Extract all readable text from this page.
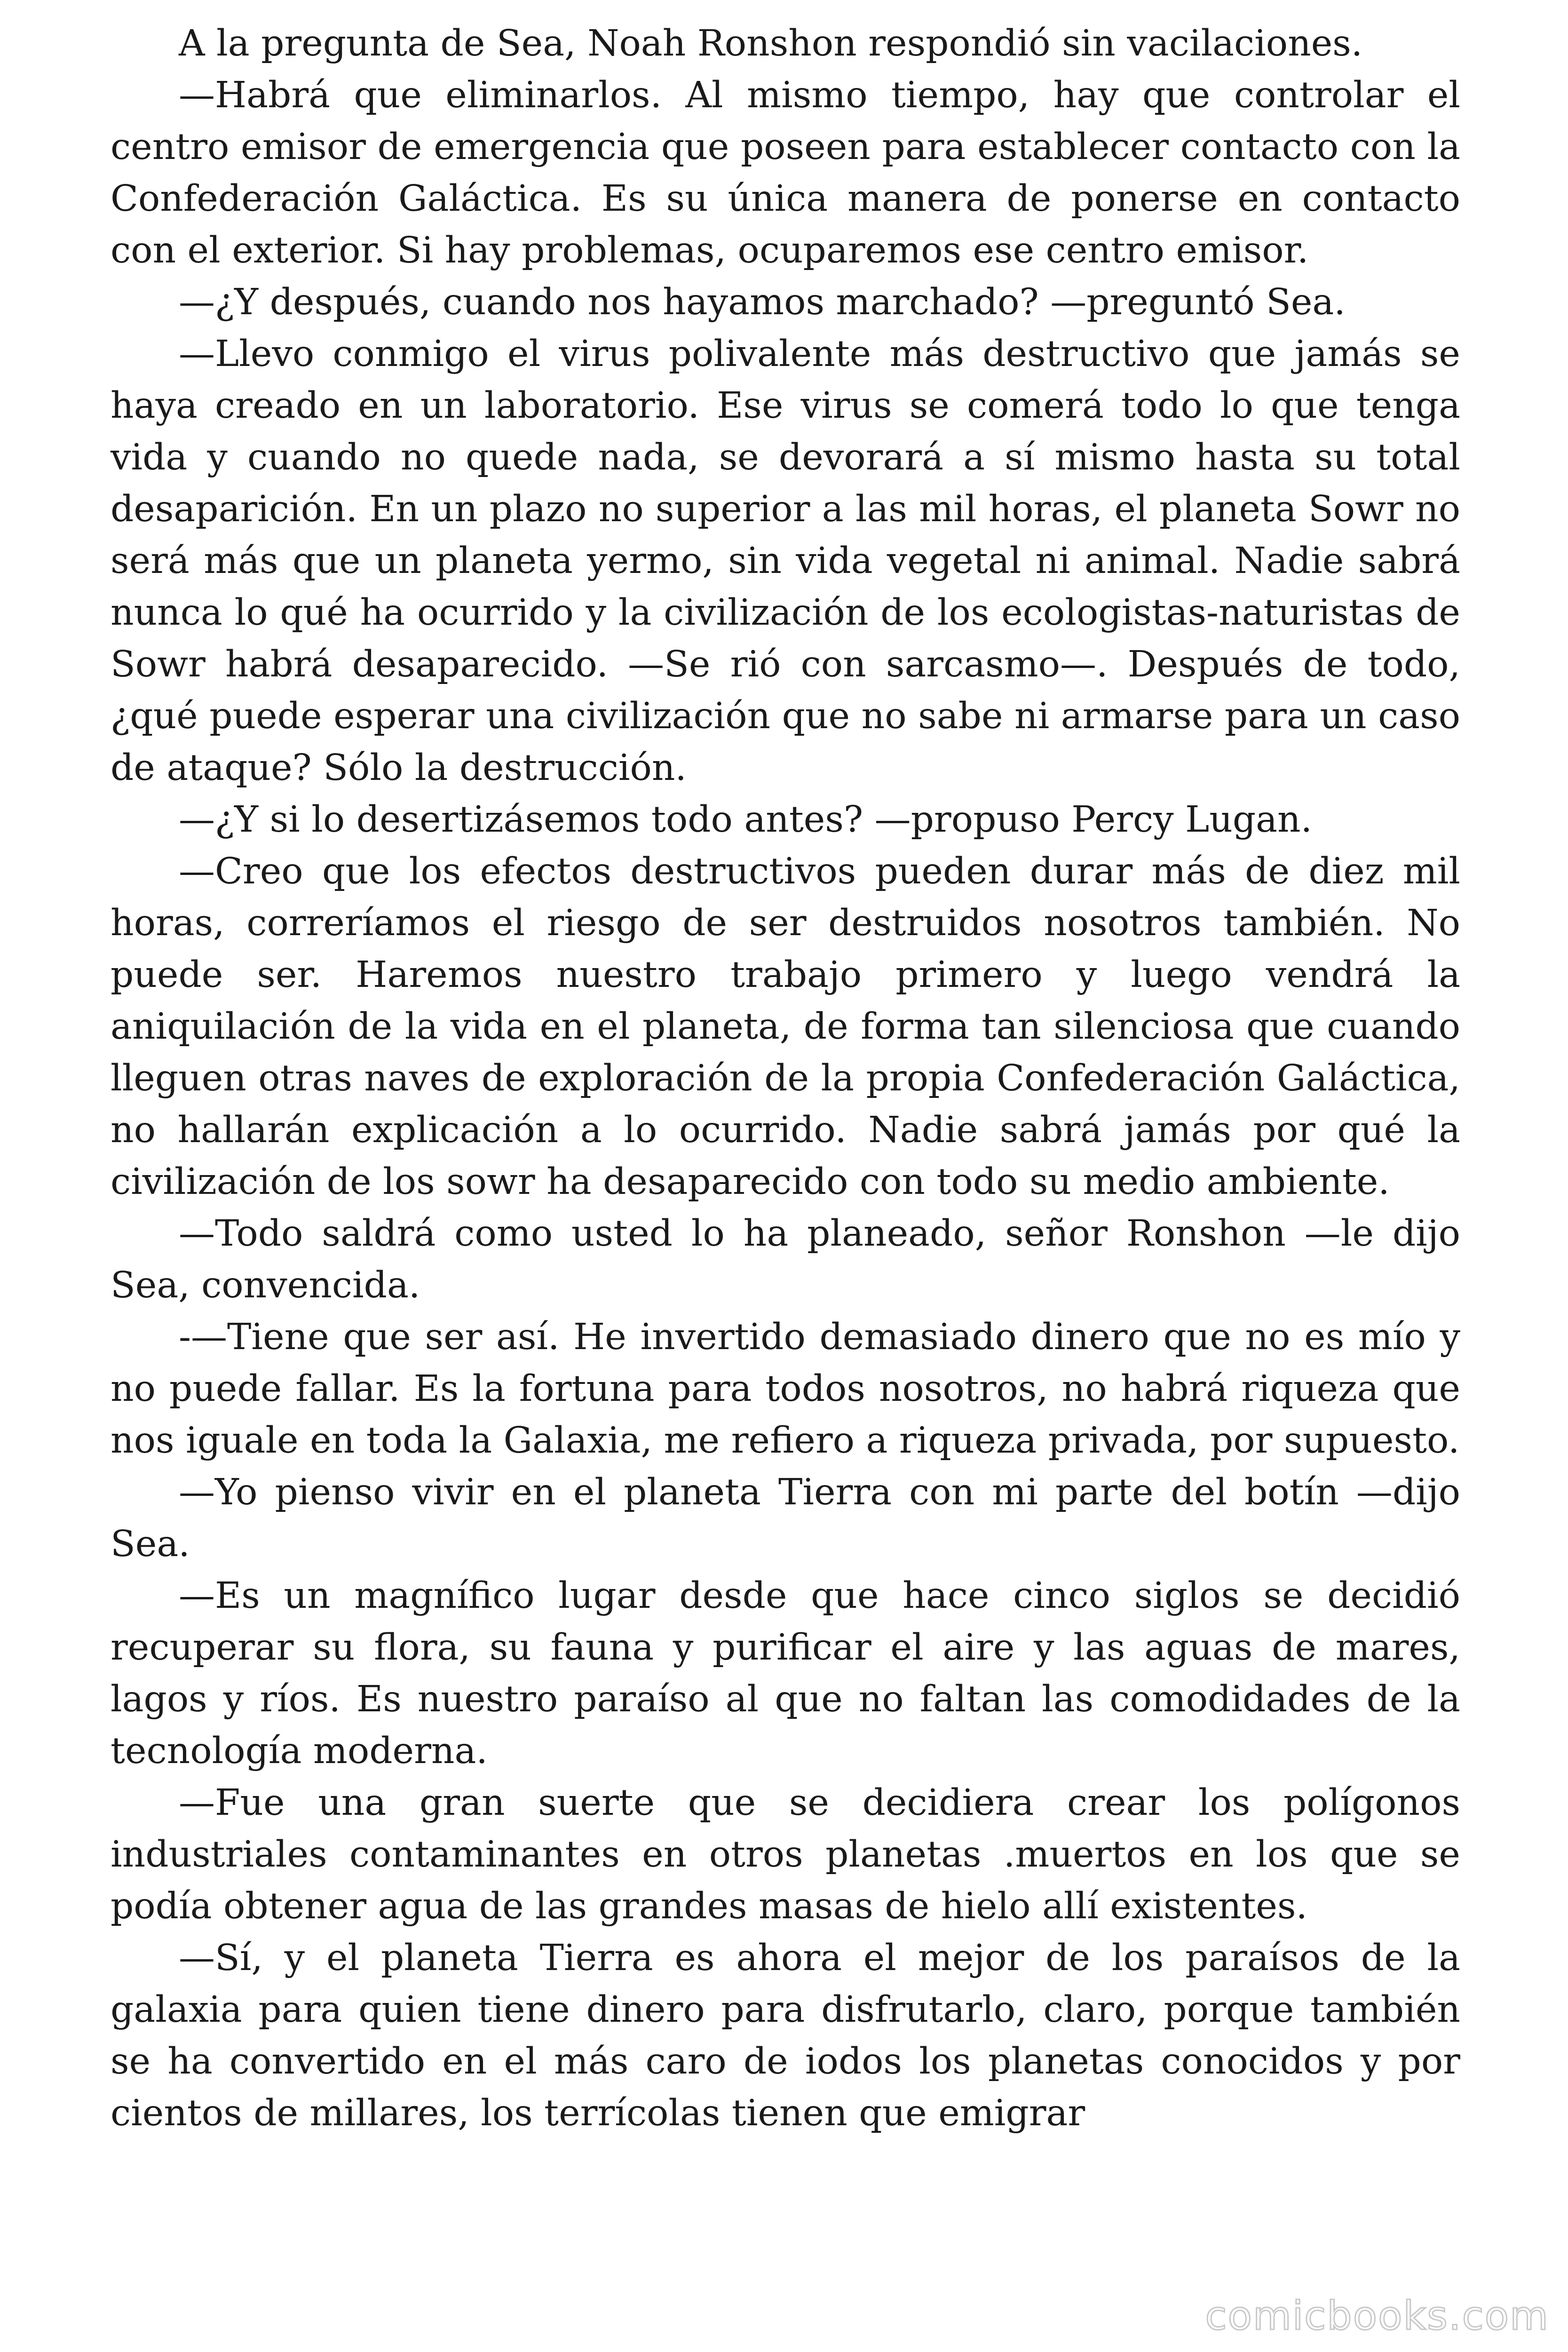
A la pregunta de Sea, Noah Ronshon respondió sin vacilaciones.

—Habrá que eliminarlos. Al mismo tiempo, hay que controlar el centro emisor de emergencia que poseen para establecer contacto con la Confederación Galáctica. Es su única manera de ponerse en contacto con el exterior. Si hay problemas, ocuparemos ese centro emisor.

—¿Y después, cuando nos hayamos marchado? —preguntó Sea.

—Llevo conmigo el virus polivalente más destructivo que jamás se haya creado en un laboratorio. Ese virus se comerá todo lo que tenga vida y cuando no quede nada, se devorará a sí mismo hasta su total desaparición. En un plazo no superior a las mil horas, el planeta Sowr no será más que un planeta yermo, sin vida vegetal ni animal. Nadie sabrá nunca lo qué ha ocurrido y la civilización de los ecologistas-naturistas de Sowr habrá desaparecido. —Se rió con sarcasmo—. Después de todo, ¿qué puede esperar una civilización que no sabe ni armarse para un caso de ataque? Sólo la destrucción.

—¿Y si lo desertizásemos todo antes? —propuso Percy Lugan.

—Creo que los efectos destructivos pueden durar más de diez mil horas, correríamos el riesgo de ser destruidos nosotros también. No puede ser. Haremos nuestro trabajo primero y luego vendrá la aniquilación de la vida en el planeta, de forma tan silenciosa que cuando lleguen otras naves de exploración de la propia Confederación Galáctica, no hallarán explicación a lo ocurrido. Nadie sabrá jamás por qué la civilización de los sowr ha desaparecido con todo su medio ambiente.

—Todo saldrá como usted lo ha planeado, señor Ronshon —le dijo Sea, convencida.

-—Tiene que ser así. He invertido demasiado dinero que no es mío y no puede fallar. Es la fortuna para todos nosotros, no habrá riqueza que nos iguale en toda la Galaxia, me refiero a riqueza privada, por supuesto.

—Yo pienso vivir en el planeta Tierra con mi parte del botín —dijo Sea.

—Es un magnífico lugar desde que hace cinco siglos se decidió recuperar su flora, su fauna y purificar el aire y las aguas de mares, lagos y ríos. Es nuestro paraíso al que no faltan las comodidades de la tecnología moderna.

—Fue una gran suerte que se decidiera crear los polígonos industriales contaminantes en otros planetas .muertos en los que se podía obtener agua de las grandes masas de hielo allí existentes.

—Sí, y el planeta Tierra es ahora el mejor de los paraísos de la galaxia para quien tiene dinero para disfrutarlo, claro, porque también se ha convertido en el más caro de iodos los planetas conocidos y por cientos de millares, los terrícolas tienen que emigrar

comicbooks.com
